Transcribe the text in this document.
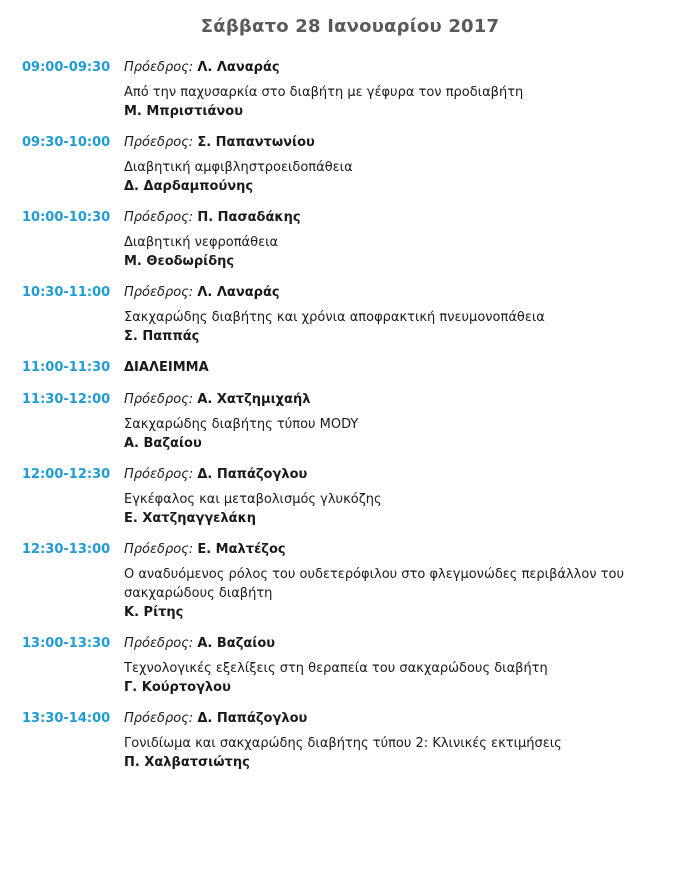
Σάββατο 28 Ιανουαρίου 2017
09:00-09:30	Πρόεδρος: Λ. Λαναράς
Από την παχυσαρκία στο διαβήτη με γέφυρα τον προδιαβήτη
Μ. Μπριστιάνου
09:30-10:00	Πρόεδρος: Σ. Παπαντωνίου
Διαβητική αμφιβληστροειδοπάθεια
Δ. Δαρδαμπούνης
10:00-10:30	Πρόεδρος: Π. Πασαδάκης
Διαβητική νεφροπάθεια
Μ. Θεοδωρίδης
10:30-11:00	Πρόεδρος: Λ. Λαναράς
Σακχαρώδης διαβήτης και χρόνια αποφρακτική πνευμονοπάθεια
Σ. Παππάς
11:00-11:30	ΔΙΑΛΕΙΜΜΑ
11:30-12:00	Πρόεδρος: Α. Χατζημιχαήλ
Σακχαρώδης διαβήτης τύπου MODY
Α. Βαζαίου
12:00-12:30	Πρόεδρος: Δ. Παπάζογλου
Εγκέφαλος και μεταβολισμός γλυκόζης
Ε. Χατζηαγγελάκη
12:30-13:00	Πρόεδρος: Ε. Μαλτέζος
Ο αναδυόμενος ρόλος του ουδετερόφιλου στο φλεγμονώδες περιβάλλον του σακχαρώδους διαβήτη
Κ. Ρίτης
13:00-13:30	Πρόεδρος: Α. Βαζαίου
Τεχνολογικές εξελίξεις στη θεραπεία του σακχαρώδους διαβήτη
Γ. Κούρτογλου
13:30-14:00	Πρόεδρος: Δ. Παπάζογλου
Γονιδίωμα και σακχαρώδης διαβήτης τύπου 2: Κλινικές εκτιμήσεις
Π. Χαλβατσιώτης
